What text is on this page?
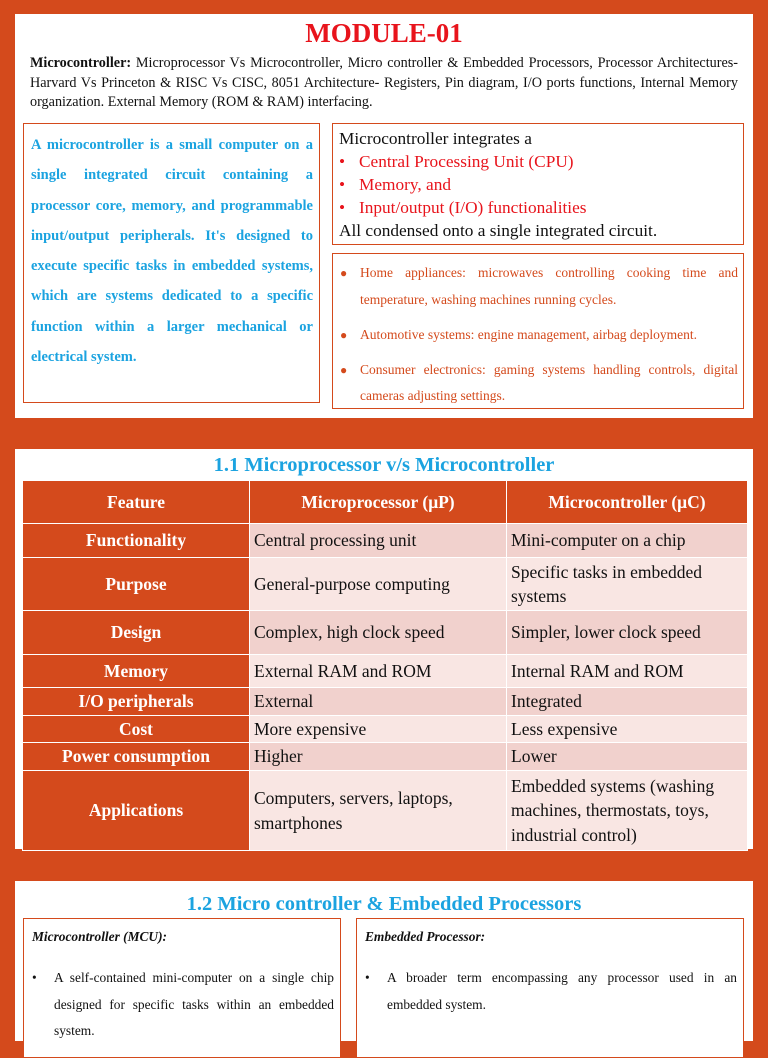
MODULE-01

Microcontroller: Microprocessor Vs Microcontroller, Micro controller & Embedded Processors, Processor Architectures-Harvard Vs Princeton & RISC Vs CISC, 8051 Architecture- Registers, Pin diagram, I/O ports functions, Internal Memory organization. External Memory (ROM & RAM) interfacing.

A microcontroller is a small computer on a single integrated circuit containing a processor core, memory, and programmable input/output peripherals. It's designed to execute specific tasks in embedded systems, which are systems dedicated to a specific function within a larger mechanical or electrical system.

Microcontroller integrates a
• Central Processing Unit (CPU)
• Memory, and
• Input/output (I/O) functionalities
All condensed onto a single integrated circuit.
● Home appliances: microwaves controlling cooking time and temperature, washing machines running cycles.
● Automotive systems: engine management, airbag deployment.
● Consumer electronics: gaming systems handling controls, digital cameras adjusting settings.
1.1 Microprocessor v/s Microcontroller
Feature	Microprocessor (μP)	Microcontroller (μC)
Functionality	Central processing unit	Mini-computer on a chip
Purpose	General-purpose computing	Specific tasks in embedded systems
Design	Complex, high clock speed	Simpler, lower clock speed
Memory	External RAM and ROM	Internal RAM and ROM
I/O peripherals	External	Integrated
Cost	More expensive	Less expensive
Power consumption	Higher	Lower
Applications	Computers, servers, laptops, smartphones	Embedded systems (washing machines, thermostats, toys, industrial control)
1.2 Micro controller & Embedded Processors
Microcontroller (MCU):
• A self-contained mini-computer on a single chip designed for specific tasks within an embedded system.
Embedded Processor:
• A broader term encompassing any processor used in an embedded system.
